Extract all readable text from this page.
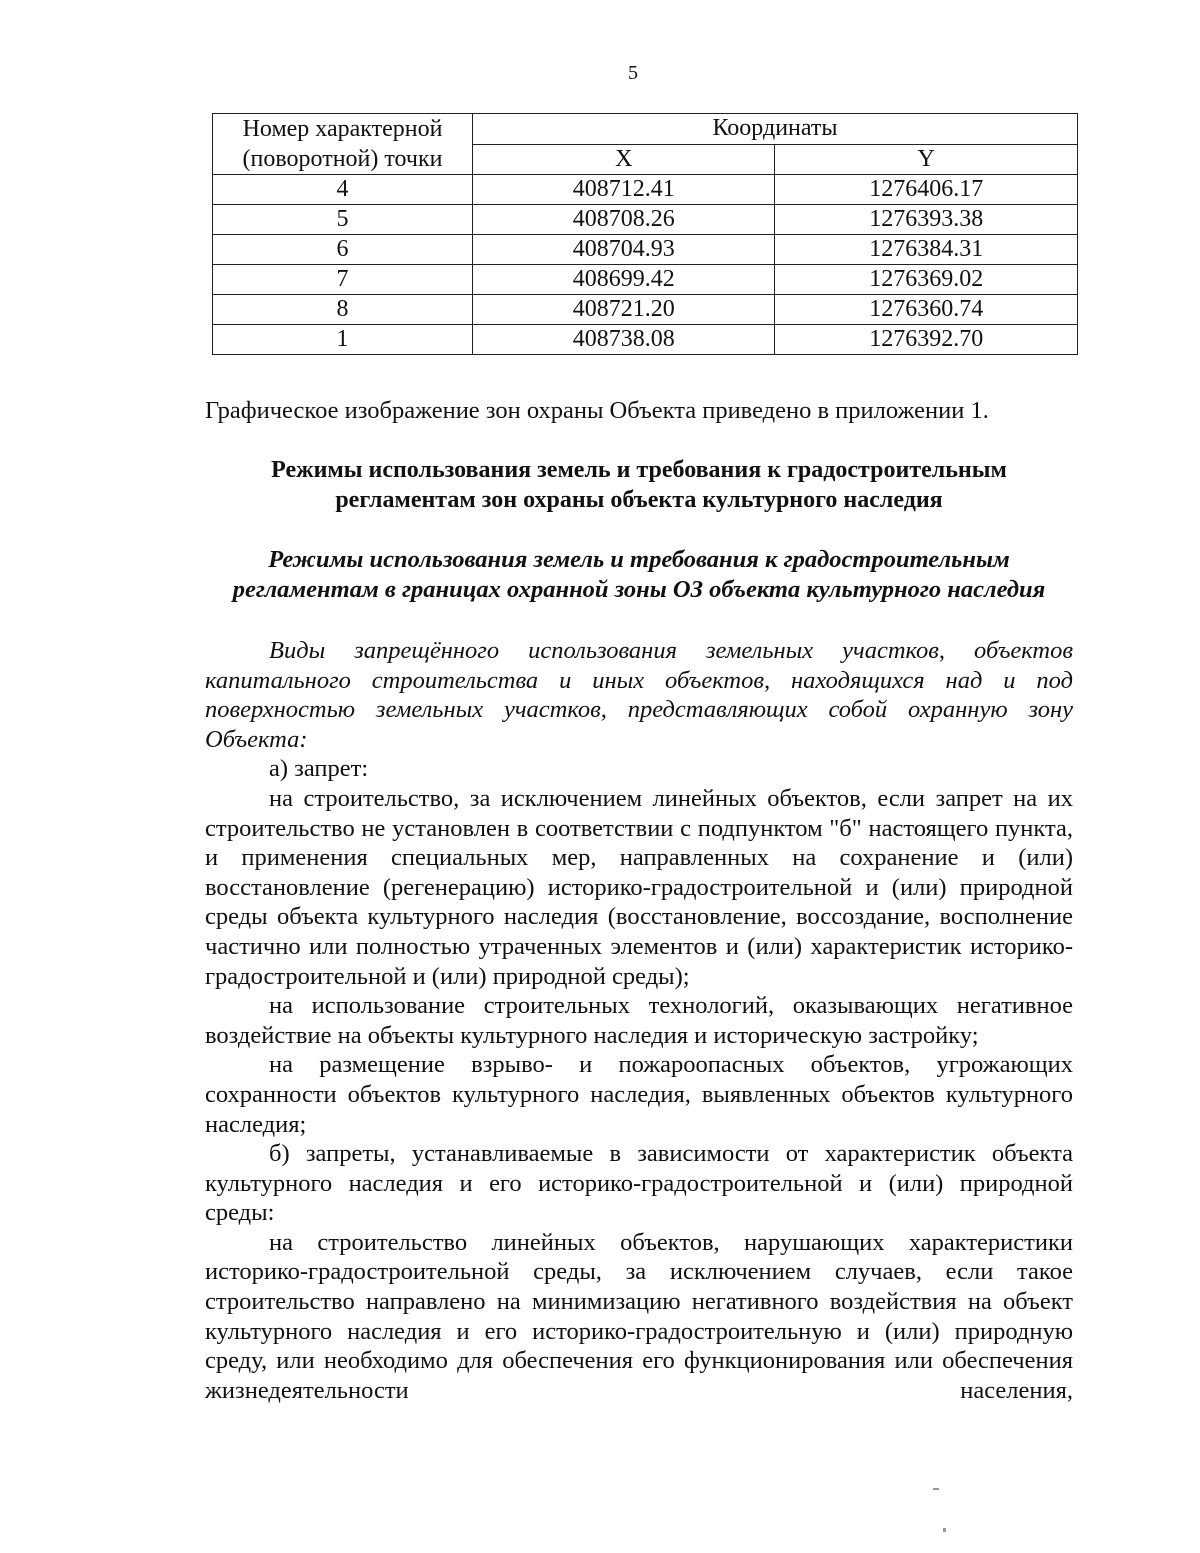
5
Номер характерной
(поворотной) точки	Координаты	
	X	Y
4	408712.41	1276406.17
5	408708.26	1276393.38
6	408704.93	1276384.31
7	408699.42	1276369.02
8	408721.20	1276360.74
1	408738.08	1276392.70

Графическое изображение зон охраны Объекта приведено в приложении 1.

Режимы использования земель и требования к градостроительным
регламентам зон охраны объекта культурного наследия
Режимы использования земель и требования к градостроительным
регламентам в границах охранной зоны ОЗ объекта культурного наследия

Виды запрещённого использования земельных участков, объектов капитального строительства и иных объектов, находящихся над и под поверхностью земельных участков, представляющих собой охранную зону Объекта:

а) запрет:

на строительство, за исключением линейных объектов, если запрет на их строительство не установлен в соответствии с подпунктом "б" настоящего пункта, и применения специальных мер, направленных на сохранение и (или) восстановление (регенерацию) историко-градостроительной и (или) природной среды объекта культурного наследия (восстановление, воссоздание, восполнение частично или полностью утраченных элементов и (или) характеристик историко-градостроительной и (или) природной среды);

на использование строительных технологий, оказывающих негативное воздействие на объекты культурного наследия и историческую застройку;

на размещение взрыво- и пожароопасных объектов, угрожающих сохранности объектов культурного наследия, выявленных объектов культурного наследия;

б) запреты, устанавливаемые в зависимости от характеристик объекта культурного наследия и его историко-градостроительной и (или) природной среды:

на строительство линейных объектов, нарушающих характеристики историко-градостроительной среды, за исключением случаев, если такое строительство направлено на минимизацию негативного воздействия на объект культурного наследия и его историко-градостроительную и (или) природную среду, или необходимо для обеспечения его функционирования или обеспечения жизнедеятельности населения,
